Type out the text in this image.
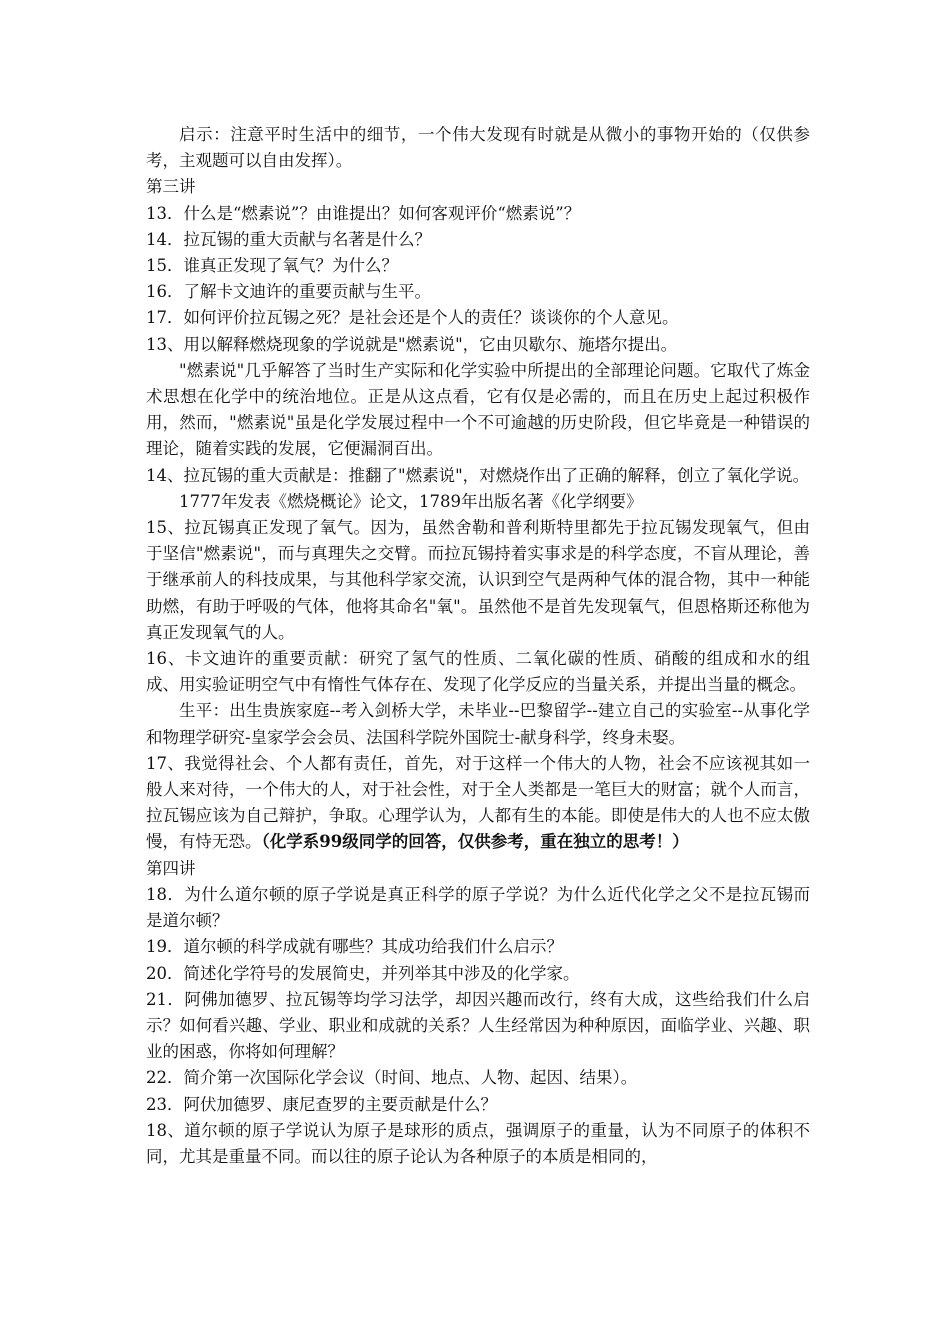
启示：注意平时生活中的细节，一个伟大发现有时就是从微小的事物开始的（仅供参考，主观题可以自由发挥）。

第三讲

13．什么是“燃素说”？由谁提出？如何客观评价“燃素说”？

14．拉瓦锡的重大贡献与名著是什么？

15．谁真正发现了氧气？为什么？

16．了解卡文迪许的重要贡献与生平。

17．如何评价拉瓦锡之死？是社会还是个人的责任？谈谈你的个人意见。

13、用以解释燃烧现象的学说就是"燃素说"，它由贝歇尔、施塔尔提出。

"燃素说"几乎解答了当时生产实际和化学实验中所提出的全部理论问题。它取代了炼金术思想在化学中的统治地位。正是从这点看，它有仅是必需的，而且在历史上起过积极作用，然而，"燃素说"虽是化学发展过程中一个不可逾越的历史阶段，但它毕竟是一种错误的理论，随着实践的发展，它便漏洞百出。

14、拉瓦锡的重大贡献是：推翻了"燃素说"，对燃烧作出了正确的解释，创立了氧化学说。

1777年发表《燃烧概论》论文，1789年出版名著《化学纲要》

15、拉瓦锡真正发现了氧气。因为，虽然舍勒和普利斯特里都先于拉瓦锡发现氧气，但由于坚信"燃素说"，而与真理失之交臂。而拉瓦锡持着实事求是的科学态度，不盲从理论，善于继承前人的科技成果，与其他科学家交流，认识到空气是两种气体的混合物，其中一种能助燃，有助于呼吸的气体，他将其命名"氧"。虽然他不是首先发现氧气，但恩格斯还称他为真正发现氧气的人。

16、卡文迪许的重要贡献：研究了氢气的性质、二氧化碳的性质、硝酸的组成和水的组成、用实验证明空气中有惰性气体存在、发现了化学反应的当量关系，并提出当量的概念。

生平：出生贵族家庭--考入剑桥大学，未毕业--巴黎留学--建立自己的实验室--从事化学和物理学研究-皇家学会会员、法国科学院外国院士-献身科学，终身未娶。

17、我觉得社会、个人都有责任，首先，对于这样一个伟大的人物，社会不应该视其如一般人来对待，一个伟大的人，对于社会性，对于全人类都是一笔巨大的财富；就个人而言，拉瓦锡应该为自己辩护，争取。心理学认为，人都有生的本能。即使是伟大的人也不应太傲慢，有恃无恐。（化学系99级同学的回答，仅供参考，重在独立的思考！）

第四讲

18．为什么道尔顿的原子学说是真正科学的原子学说？为什么近代化学之父不是拉瓦锡而是道尔顿？

19．道尔顿的科学成就有哪些？其成功给我们什么启示？

20．简述化学符号的发展简史，并列举其中涉及的化学家。

21．阿佛加德罗、拉瓦锡等均学习法学，却因兴趣而改行，终有大成，这些给我们什么启示？如何看兴趣、学业、职业和成就的关系？人生经常因为种种原因，面临学业、兴趣、职业的困惑，你将如何理解？

22．简介第一次国际化学会议（时间、地点、人物、起因、结果）。

23．阿伏加德罗、康尼查罗的主要贡献是什么？

18、道尔顿的原子学说认为原子是球形的质点，强调原子的重量，认为不同原子的体积不同，尤其是重量不同。而以往的原子论认为各种原子的本质是相同的，
